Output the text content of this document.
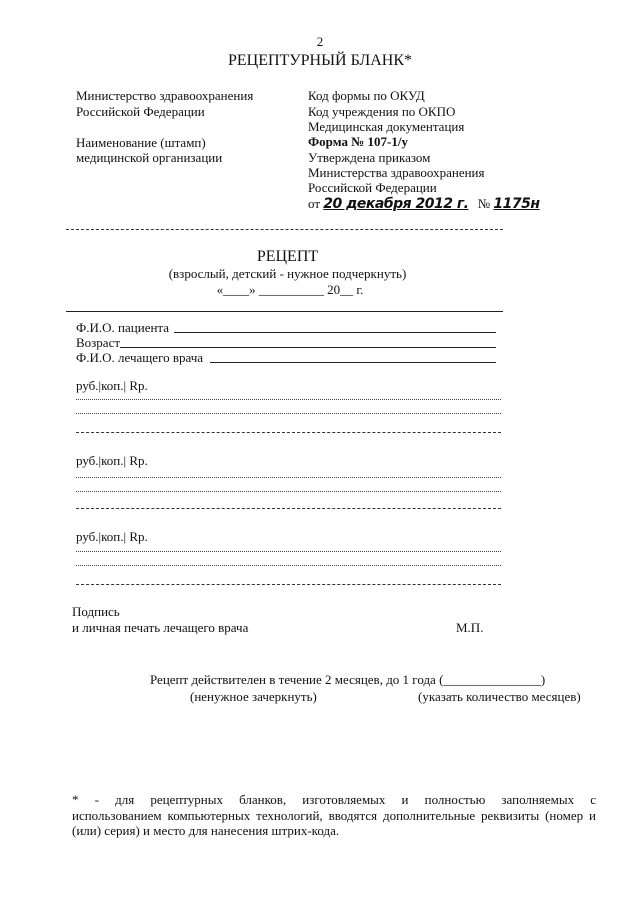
2
РЕЦЕПТУРНЫЙ БЛАНК*
Министерство здравоохранения
Российской Федерации
Наименование (штамп)
медицинской организации
Код формы по ОКУД
Код учреждения по ОКПО
Медицинская документация
Форма № 107-1/у
Утверждена приказом
Министерства здравоохранения
Российской Федерации
от 20 декабря 2012 г. № 1175н
РЕЦЕПТ
(взрослый, детский - нужное подчеркнуть)
«____» __________ 20__ г.
Ф.И.О. пациента
Возраст
Ф.И.О. лечащего врача
руб.|коп.| Rp.
руб.|коп.| Rp.
руб.|коп.| Rp.
Подпись
и личная печать лечащего врача	М.П.
Рецепт действителен в течение 2 месяцев, до 1 года (_______________)
(ненужное зачеркнуть)	(указать количество месяцев)
* - для рецептурных бланков, изготовляемых и полностью заполняемых с
использованием компьютерных технологий, вводятся дополнительные реквизиты (номер и
(или) серия) и место для нанесения штрих-кода.
